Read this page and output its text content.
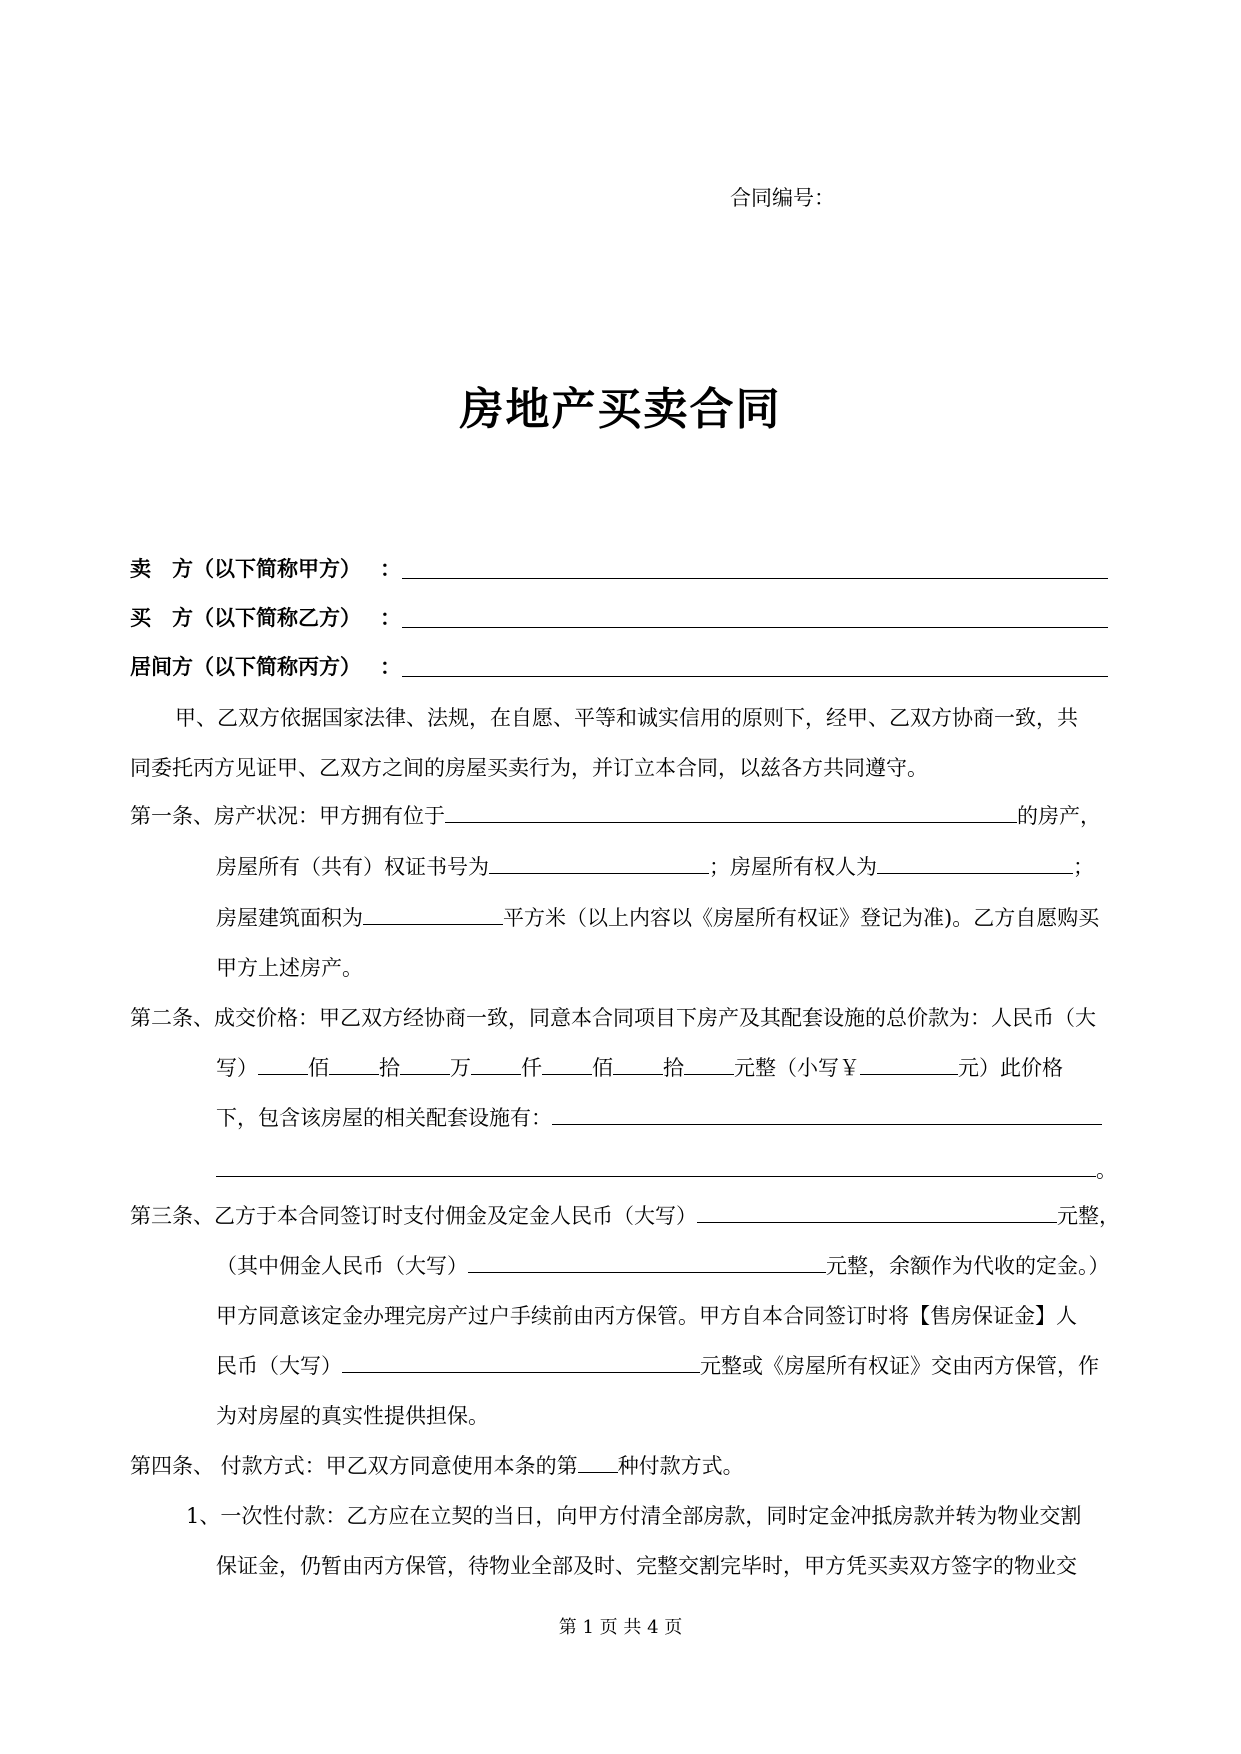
合同编号：
房地产买卖合同
卖　方（以下简称甲方） ：
买　方（以下简称乙方） ：
居间方（以下简称丙方） ：
甲、乙双方依据国家法律、法规，在自愿、平等和诚实信用的原则下，经甲、乙双方协商一致，共
同委托丙方见证甲、乙双方之间的房屋买卖行为，并订立本合同，以兹各方共同遵守。
第一条、房产状况：甲方拥有位于	的房产，
房屋所有（共有）权证书号为	；房屋所有权人为	；
房屋建筑面积为	平方米（以上内容以《房屋所有权证》登记为准)。乙方自愿购买
甲方上述房产。
第二条、成交价格：甲乙双方经协商一致，同意本合同项目下房产及其配套设施的总价款为：人民币（大
写） 佰 拾 万 仟 佰 拾 元整（小写￥	元）此价格
下，包含该房屋的相关配套设施有：
。
第三条、乙方于本合同签订时支付佣金及定金人民币（大写）	元整，
（其中佣金人民币（大写）	元整，余额作为代收的定金。）
甲方同意该定金办理完房产过户手续前由丙方保管。甲方自本合同签订时将【售房保证金】人
民币（大写）	元整或《房屋所有权证》交由丙方保管，作
为对房屋的真实性提供担保。
第四条、 付款方式：甲乙双方同意使用本条的第 种付款方式。
1、一次性付款：乙方应在立契的当日，向甲方付清全部房款，同时定金冲抵房款并转为物业交割
保证金，仍暂由丙方保管，待物业全部及时、完整交割完毕时，甲方凭买卖双方签字的物业交
第 1 页 共 4 页
